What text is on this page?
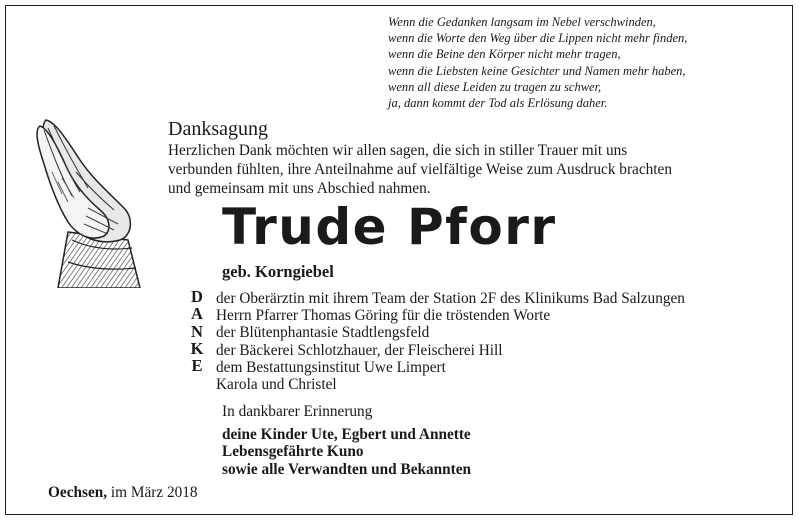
Wenn die Gedanken langsam im Nebel verschwinden,
wenn die Worte den Weg über die Lippen nicht mehr finden,
wenn die Beine den Körper nicht mehr tragen,
wenn die Liebsten keine Gesichter und Namen mehr haben,
wenn all diese Leiden zu tragen zu schwer,
ja, dann kommt der Tod als Erlösung daher.
Danksagung
Herzlichen Dank möchten wir allen sagen, die sich in stiller Trauer mit uns
verbunden fühlten, ihre Anteilnahme auf vielfältige Weise zum Ausdruck brachten
und gemeinsam mit uns Abschied nahmen.
Trude Pforr
geb. Korngiebel
D
A
N
K
E
der Oberärztin mit ihrem Team der Station 2F des Klinikums Bad Salzungen
Herrn Pfarrer Thomas Göring für die tröstenden Worte
der Blütenphantasie Stadtlengsfeld
der Bäckerei Schlotzhauer, der Fleischerei Hill
dem Bestattungsinstitut Uwe Limpert
Karola und Christel
In dankbarer Erinnerung
deine Kinder Ute, Egbert und Annette
Lebensgefährte Kuno
sowie alle Verwandten und Bekannten
Oechsen, im März 2018
